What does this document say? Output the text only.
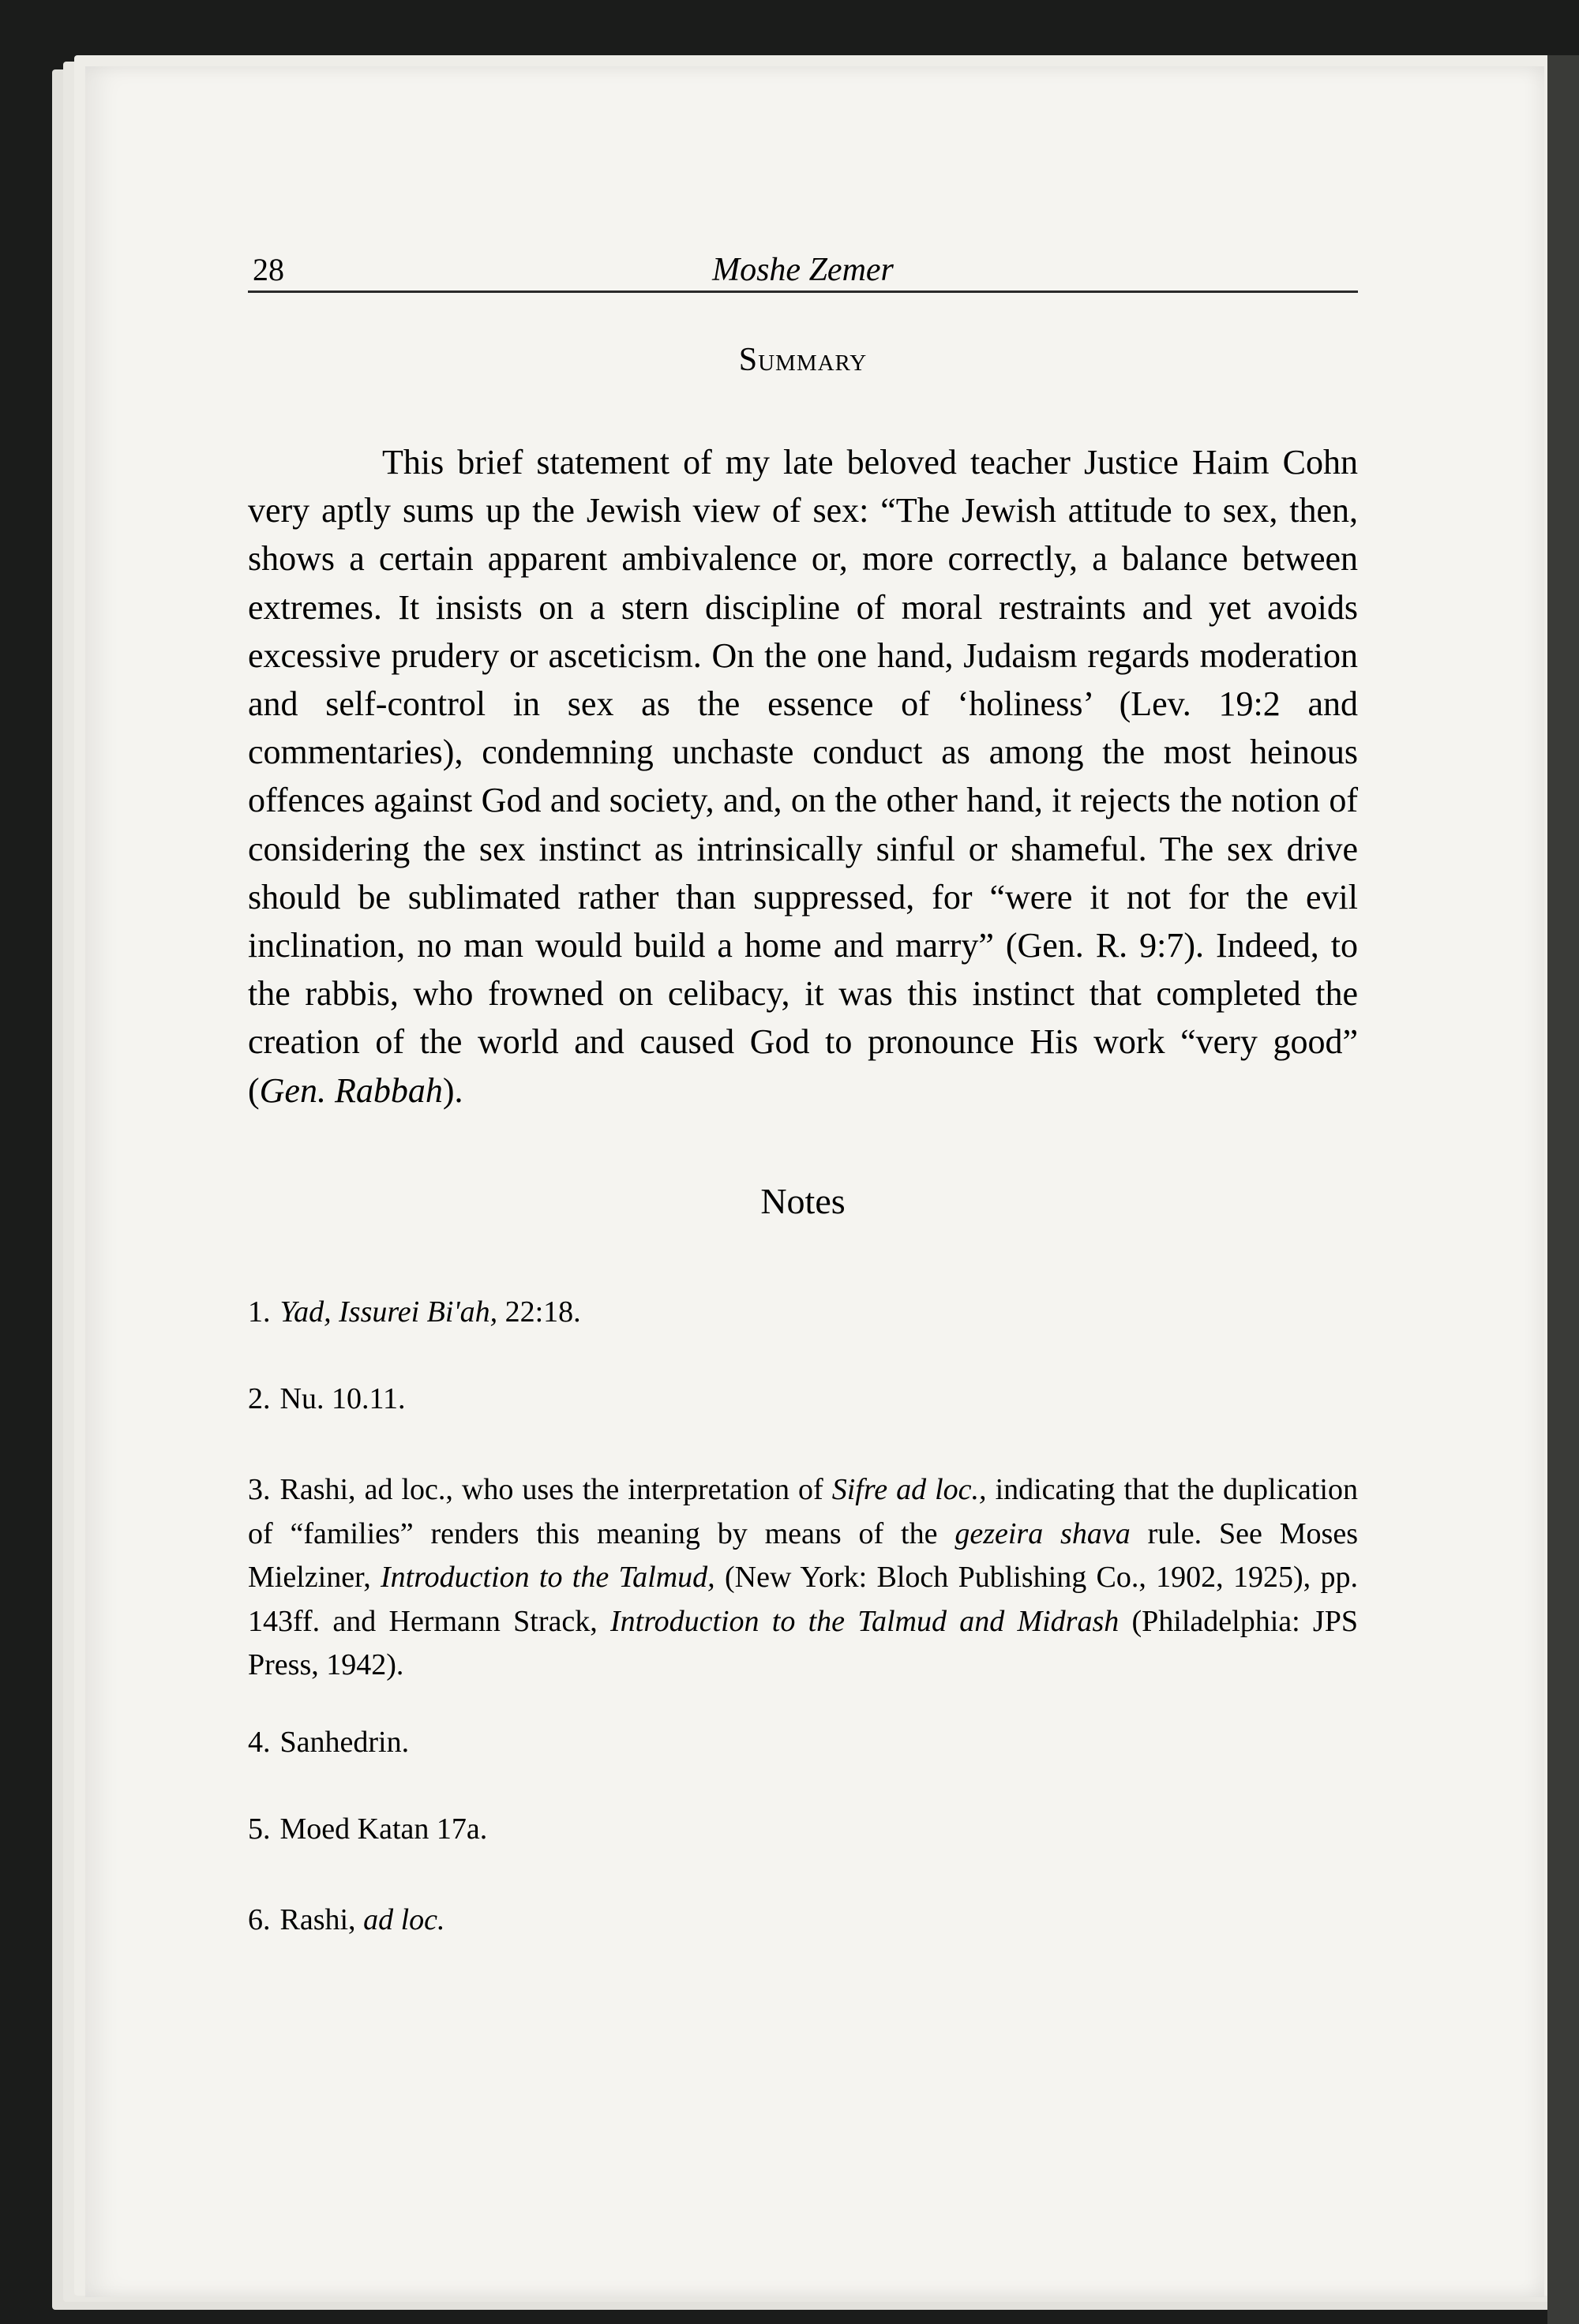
28	Moshe Zemer
Summary

This brief statement of my late beloved teacher Justice Haim Cohn very aptly sums up the Jewish view of sex: “The Jewish attitude to sex, then, shows a certain apparent ambivalence or, more correctly, a balance between extremes. It insists on a stern discipline of moral restraints and yet avoids excessive prudery or asceticism. On the one hand, Judaism regards moderation and self-control in sex as the essence of ‘holiness’ (Lev. 19:2 and commentaries), condemning unchaste conduct as among the most heinous offences against God and society, and, on the other hand, it rejects the notion of considering the sex instinct as intrinsically sinful or shameful. The sex drive should be sublimated rather than suppressed, for “were it not for the evil inclination, no man would build a home and marry” (Gen. R. 9:7). Indeed, to the rabbis, who frowned on celibacy, it was this instinct that completed the creation of the world and caused God to pronounce His work “very good” (Gen. Rabbah).

Notes
1. Yad, Issurei Bi'ah, 22:18.
2. Nu. 10.11.
3. Rashi, ad loc., who uses the interpretation of Sifre ad loc., indicating that the duplication of “families” renders this meaning by means of the gezeira shava rule. See Moses Mielziner, Introduction to the Talmud, (New York: Bloch Publishing Co., 1902, 1925), pp. 143ff. and Hermann Strack, Introduction to the Talmud and Midrash (Philadelphia: JPS Press, 1942).
4. Sanhedrin.
5. Moed Katan 17a.
6. Rashi, ad loc.
